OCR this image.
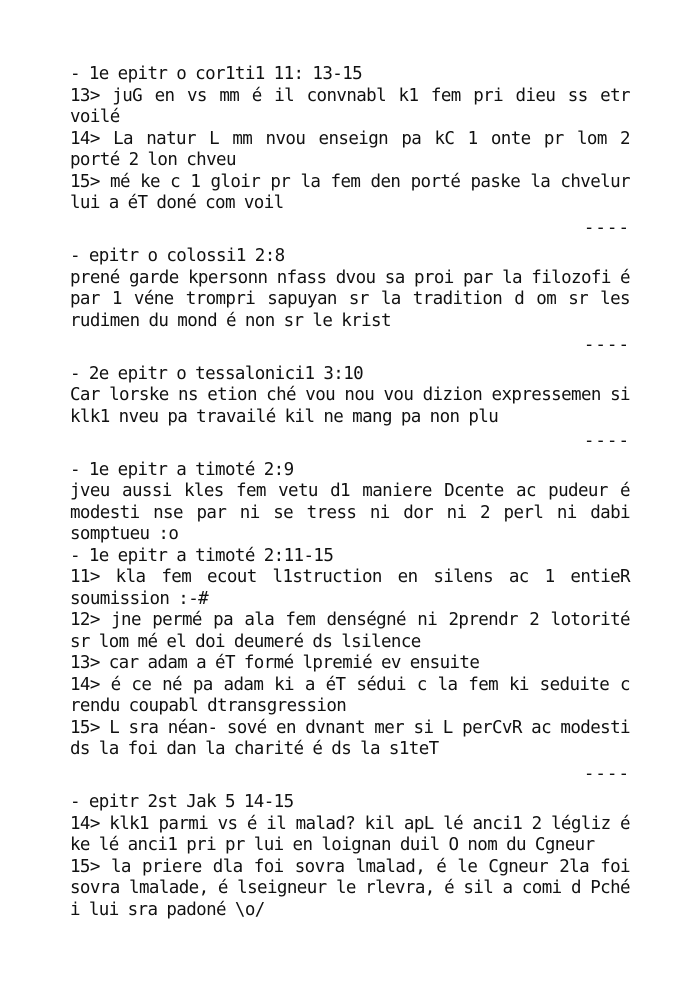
- 1e epitr o cor1ti1 11: 13-15

13> juG en vs mm é il convnabl k1 fem pri dieu ss etr voilé

14> La natur L mm nvou enseign pa kC 1 onte pr lom 2 porté 2 lon chveu

15> mé ke c 1 gloir pr la fem den porté paske la chvelur lui a éT doné com voil

----

- epitr o colossi1 2:8

prené garde kpersonn nfass dvou sa proi par la filozofi é par 1 véne trompri sapuyan sr la tradition d om sr les rudimen du mond é non sr le krist

----

- 2e epitr o tessalonici1 3:10

Car lorske ns etion ché vou nou vou dizion expressemen si klk1 nveu pa travailé kil ne mang pa non plu

----

- 1e epitr a timoté 2:9

jveu aussi kles fem vetu d1 maniere Dcente ac pudeur é modesti nse par ni se tress ni dor ni 2 perl ni dabi somptueu :o

- 1e epitr a timoté 2:11-15

11> kla fem ecout l1struction en silens ac 1 entieR soumission :-#

12> jne permé pa ala fem denségné ni 2prendr 2 lotorité sr lom mé el doi deumeré ds lsilence

13> car adam a éT formé lpremié ev ensuite

14> é ce né pa adam ki a éT sédui c la fem ki seduite c rendu coupabl dtransgression

15> L sra néan- sové en dvnant mer si L perCvR ac modesti ds la foi dan la charité é ds la s1teT

----

- epitr 2st Jak 5 14-15

14> klk1 parmi vs é il malad? kil apL lé anci1 2 légliz é ke lé anci1 pri pr lui en loignan duil O nom du Cgneur

15> la priere dla foi sovra lmalad, é le Cgneur 2la foi sovra lmalade, é lseigneur le rlevra, é sil a comi d Pché i lui sra padoné \o/
